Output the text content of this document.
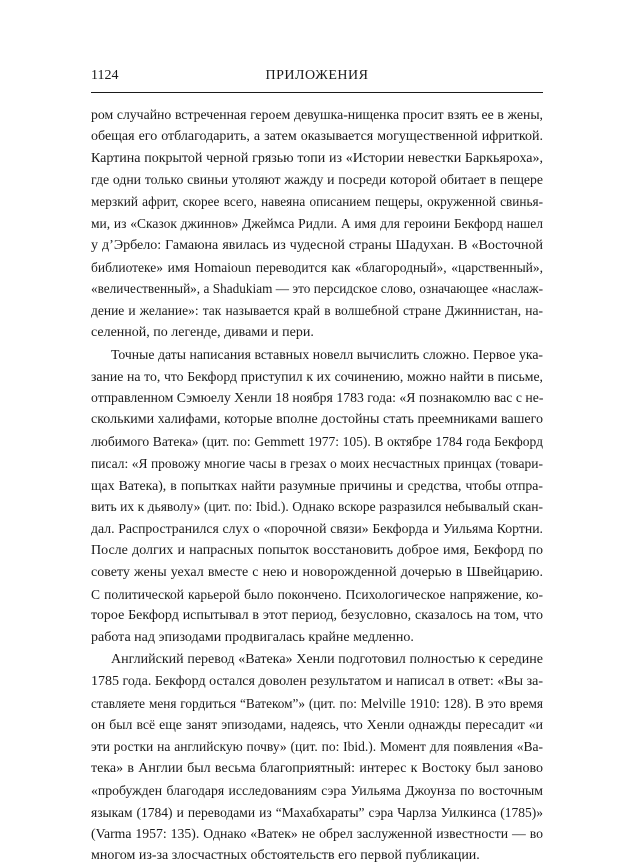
1124	ПРИЛОЖЕНИЯ
ром случайно встреченная героем девушка-нищенка просит взять ее в жены,
обещая его отблагодарить, а затем оказывается могущественной ифриткой.
Картина покрытой черной грязью топи из «Истории невестки Баркьяроха»,
где одни только свиньи утоляют жажду и посреди которой обитает в пещере
мерзкий африт, скорее всего, навеяна описанием пещеры, окруженной свинья-
ми, из «Сказок джиннов» Джеймса Ридли. А имя для героини Бекфорд нашел
у д’Эрбело: Гамаюна явилась из чудесной страны Шадухан. В «Восточной
библиотеке» имя Homaioun переводится как «благородный», «царственный»,
«величественный», а Shadukiam — это персидское слово, означающее «наслаж-
дение и желание»: так называется край в волшебной стране Джиннистан, на-
селенной, по легенде, дивами и пери.
Точные даты написания вставных новелл вычислить сложно. Первое ука-
зание на то, что Бекфорд приступил к их сочинению, можно найти в письме,
отправленном Сэмюелу Хенли 18 ноября 1783 года: «Я познакомлю вас с не-
сколькими халифами, которые вполне достойны стать преемниками вашего
любимого Ватека» (цит. по: Gemmett 1977: 105). В октябре 1784 года Бекфорд
писал: «Я провожу многие часы в грезах о моих несчастных принцах (товари-
щах Ватека), в попытках найти разумные причины и средства, чтобы отпра-
вить их к дьяволу» (цит. по: Ibid.). Однако вскоре разразился небывалый скан-
дал. Распространился слух о «порочной связи» Бекфорда и Уильяма Кортни.
После долгих и напрасных попыток восстановить доброе имя, Бекфорд по
совету жены уехал вместе с нею и новорожденной дочерью в Швейцарию.
С политической карьерой было покончено. Психологическое напряжение, ко-
торое Бекфорд испытывал в этот период, безусловно, сказалось на том, что
работа над эпизодами продвигалась крайне медленно.
Английский перевод «Ватека» Хенли подготовил полностью к середине
1785 года. Бекфорд остался доволен результатом и написал в ответ: «Вы за-
ставляете меня гордиться “Ватеком”» (цит. по: Melville 1910: 128). В это время
он был всё еще занят эпизодами, надеясь, что Хенли однажды пересадит «и
эти ростки на английскую почву» (цит. по: Ibid.). Момент для появления «Ва-
тека» в Англии был весьма благоприятный: интерес к Востоку был заново
«пробужден благодаря исследованиям сэра Уильяма Джоунза по восточным
языкам (1784) и переводами из “Махабхараты” сэра Чарлза Уилкинса (1785)»
(Varma 1957: 135). Однако «Ватек» не обрел заслуженной известности — во
многом из-за злосчастных обстоятельств его первой публикации.
